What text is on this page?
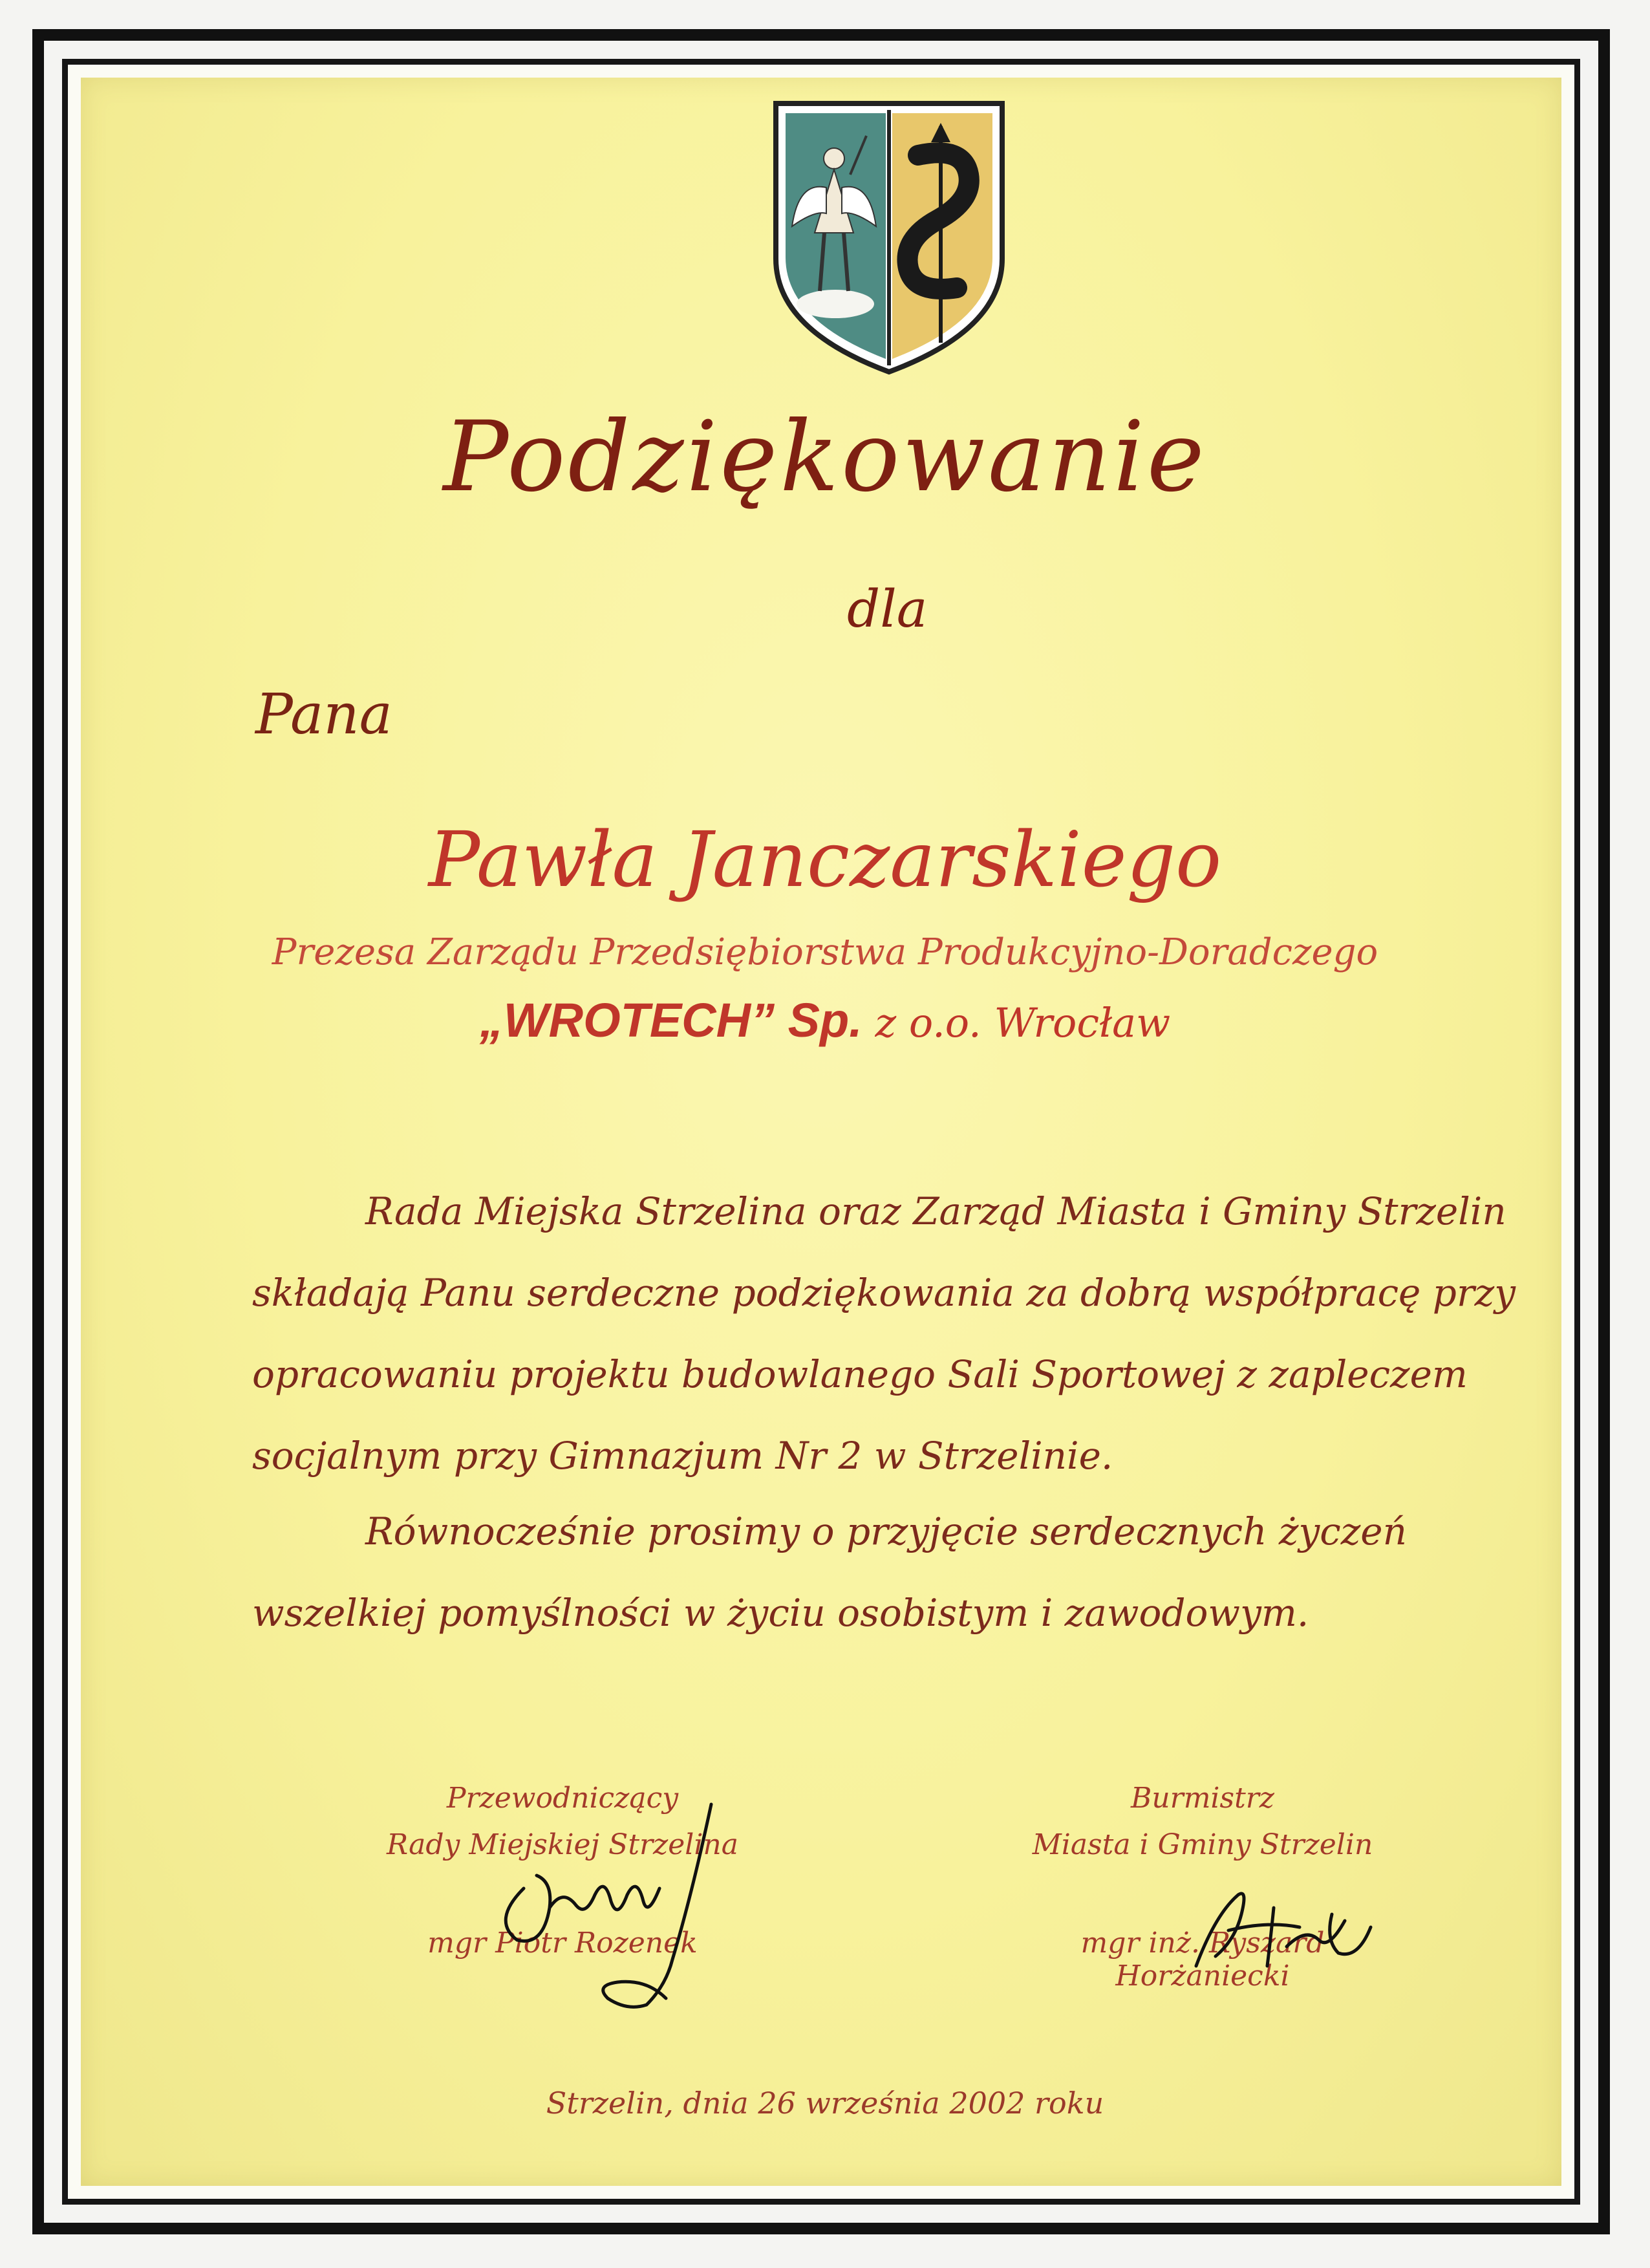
Podziękowanie
dla
Pana
Pawła Janczarskiego
Prezesa Zarządu Przedsiębiorstwa Produkcyjno-Doradczego
„WROTECH” Sp. z o.o. Wrocław
Rada Miejska Strzelina oraz Zarząd Miasta i Gminy Strzelin składają Panu serdeczne podziękowania za dobrą współpracę przy opracowaniu projektu budowlanego Sali Sportowej z zapleczem socjalnym przy Gimnazjum Nr 2 w Strzelinie.
Równocześnie prosimy o przyjęcie serdecznych życzeń wszelkiej pomyślności w życiu osobistym i zawodowym.
Przewodniczący
Rady Miejskiej Strzelina
mgr Piotr Rozenek
Burmistrz
Miasta i Gminy Strzelin
mgr inż. Ryszard Horżaniecki
Strzelin, dnia 26 września 2002 roku
